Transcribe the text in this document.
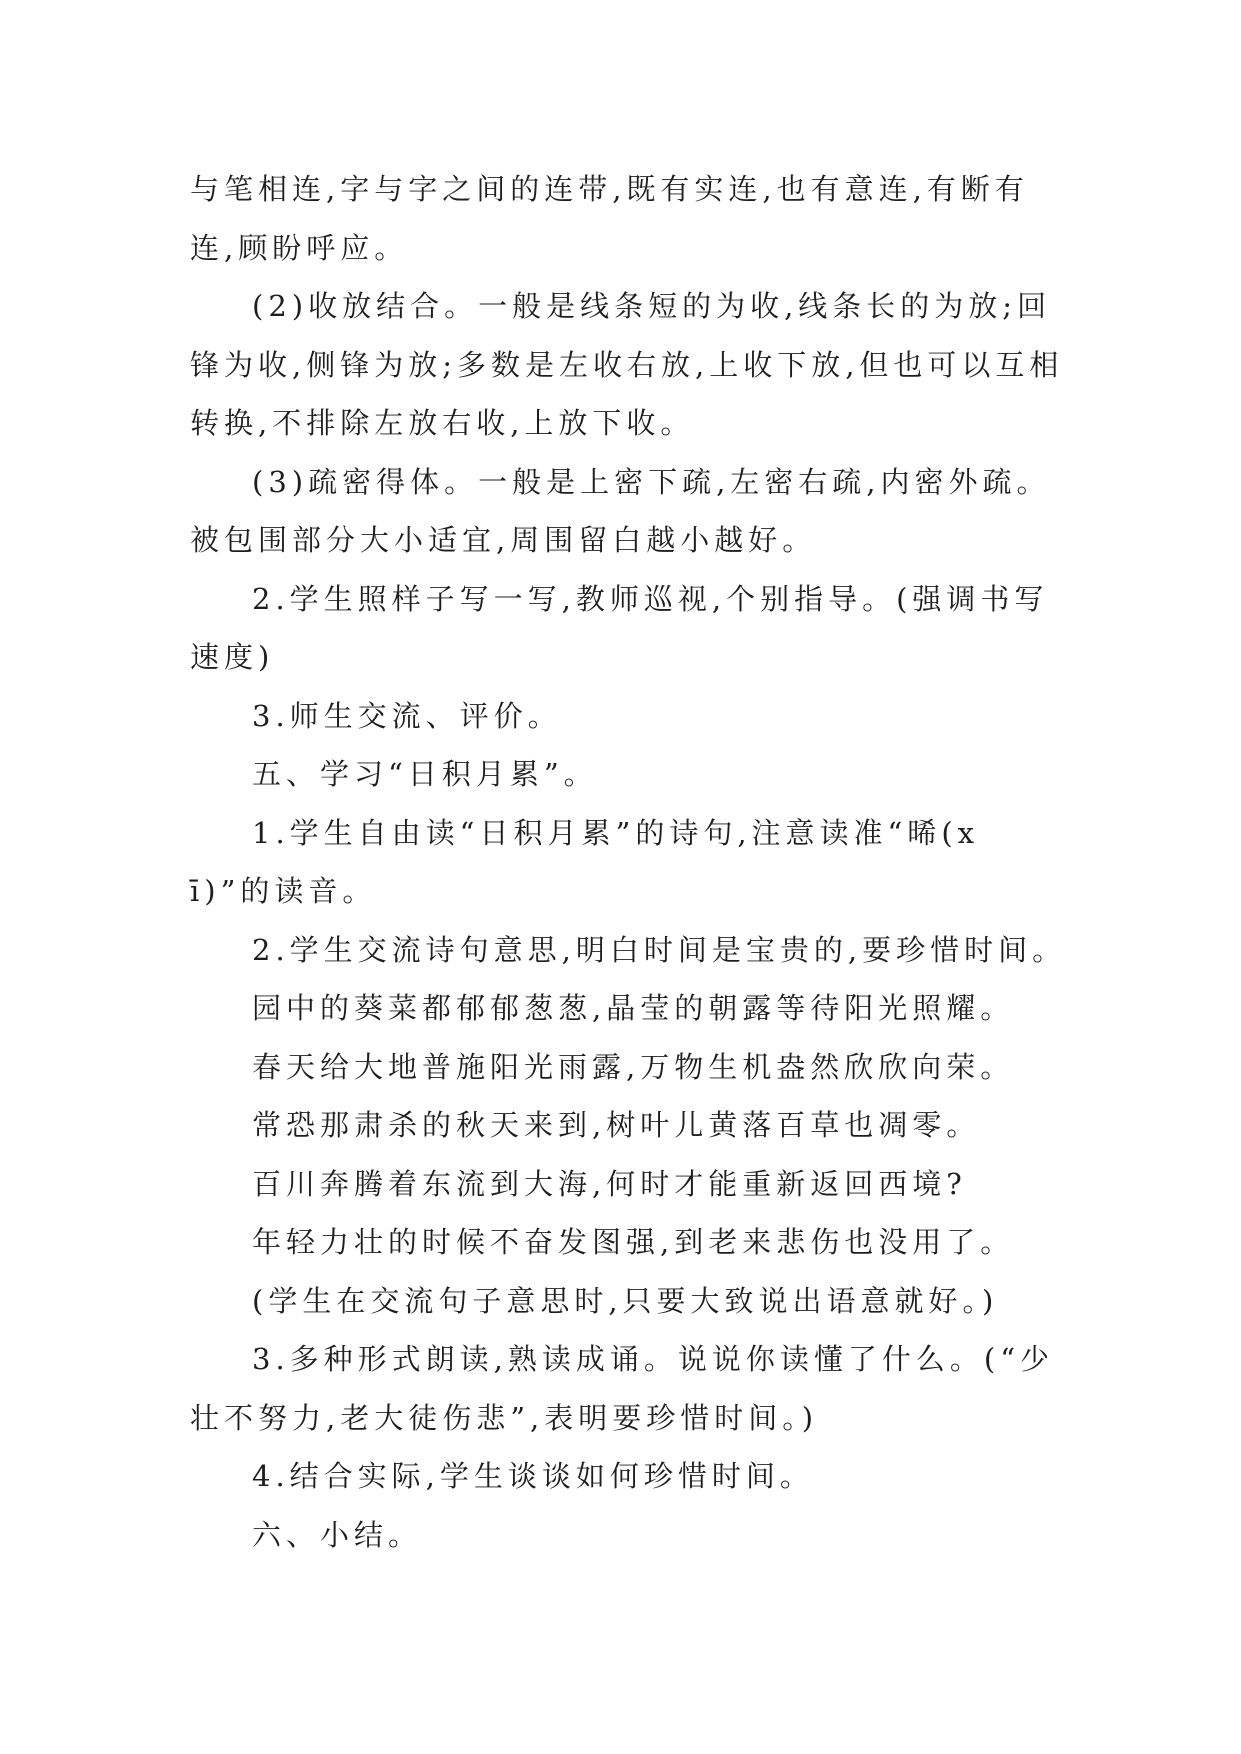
与笔相连,字与字之间的连带,既有实连,也有意连,有断有
连,顾盼呼应。

(2)收放结合。一般是线条短的为收,线条长的为放;回
锋为收,侧锋为放;多数是左收右放,上收下放,但也可以互相
转换,不排除左放右收,上放下收。

(3)疏密得体。一般是上密下疏,左密右疏,内密外疏。
被包围部分大小适宜,周围留白越小越好。

2.学生照样子写一写,教师巡视,个别指导。(强调书写
速度)

3.师生交流、评价。

五、学习“日积月累”。

1.学生自由读“日积月累”的诗句,注意读准“晞(x
ī)”的读音。

2.学生交流诗句意思,明白时间是宝贵的,要珍惜时间。

园中的葵菜都郁郁葱葱,晶莹的朝露等待阳光照耀。

春天给大地普施阳光雨露,万物生机盎然欣欣向荣。

常恐那肃杀的秋天来到,树叶儿黄落百草也凋零。

百川奔腾着东流到大海,何时才能重新返回西境?

年轻力壮的时候不奋发图强,到老来悲伤也没用了。

(学生在交流句子意思时,只要大致说出语意就好。)

3.多种形式朗读,熟读成诵。说说你读懂了什么。(“少
壮不努力,老大徒伤悲”,表明要珍惜时间。)

4.结合实际,学生谈谈如何珍惜时间。

六、小结。
